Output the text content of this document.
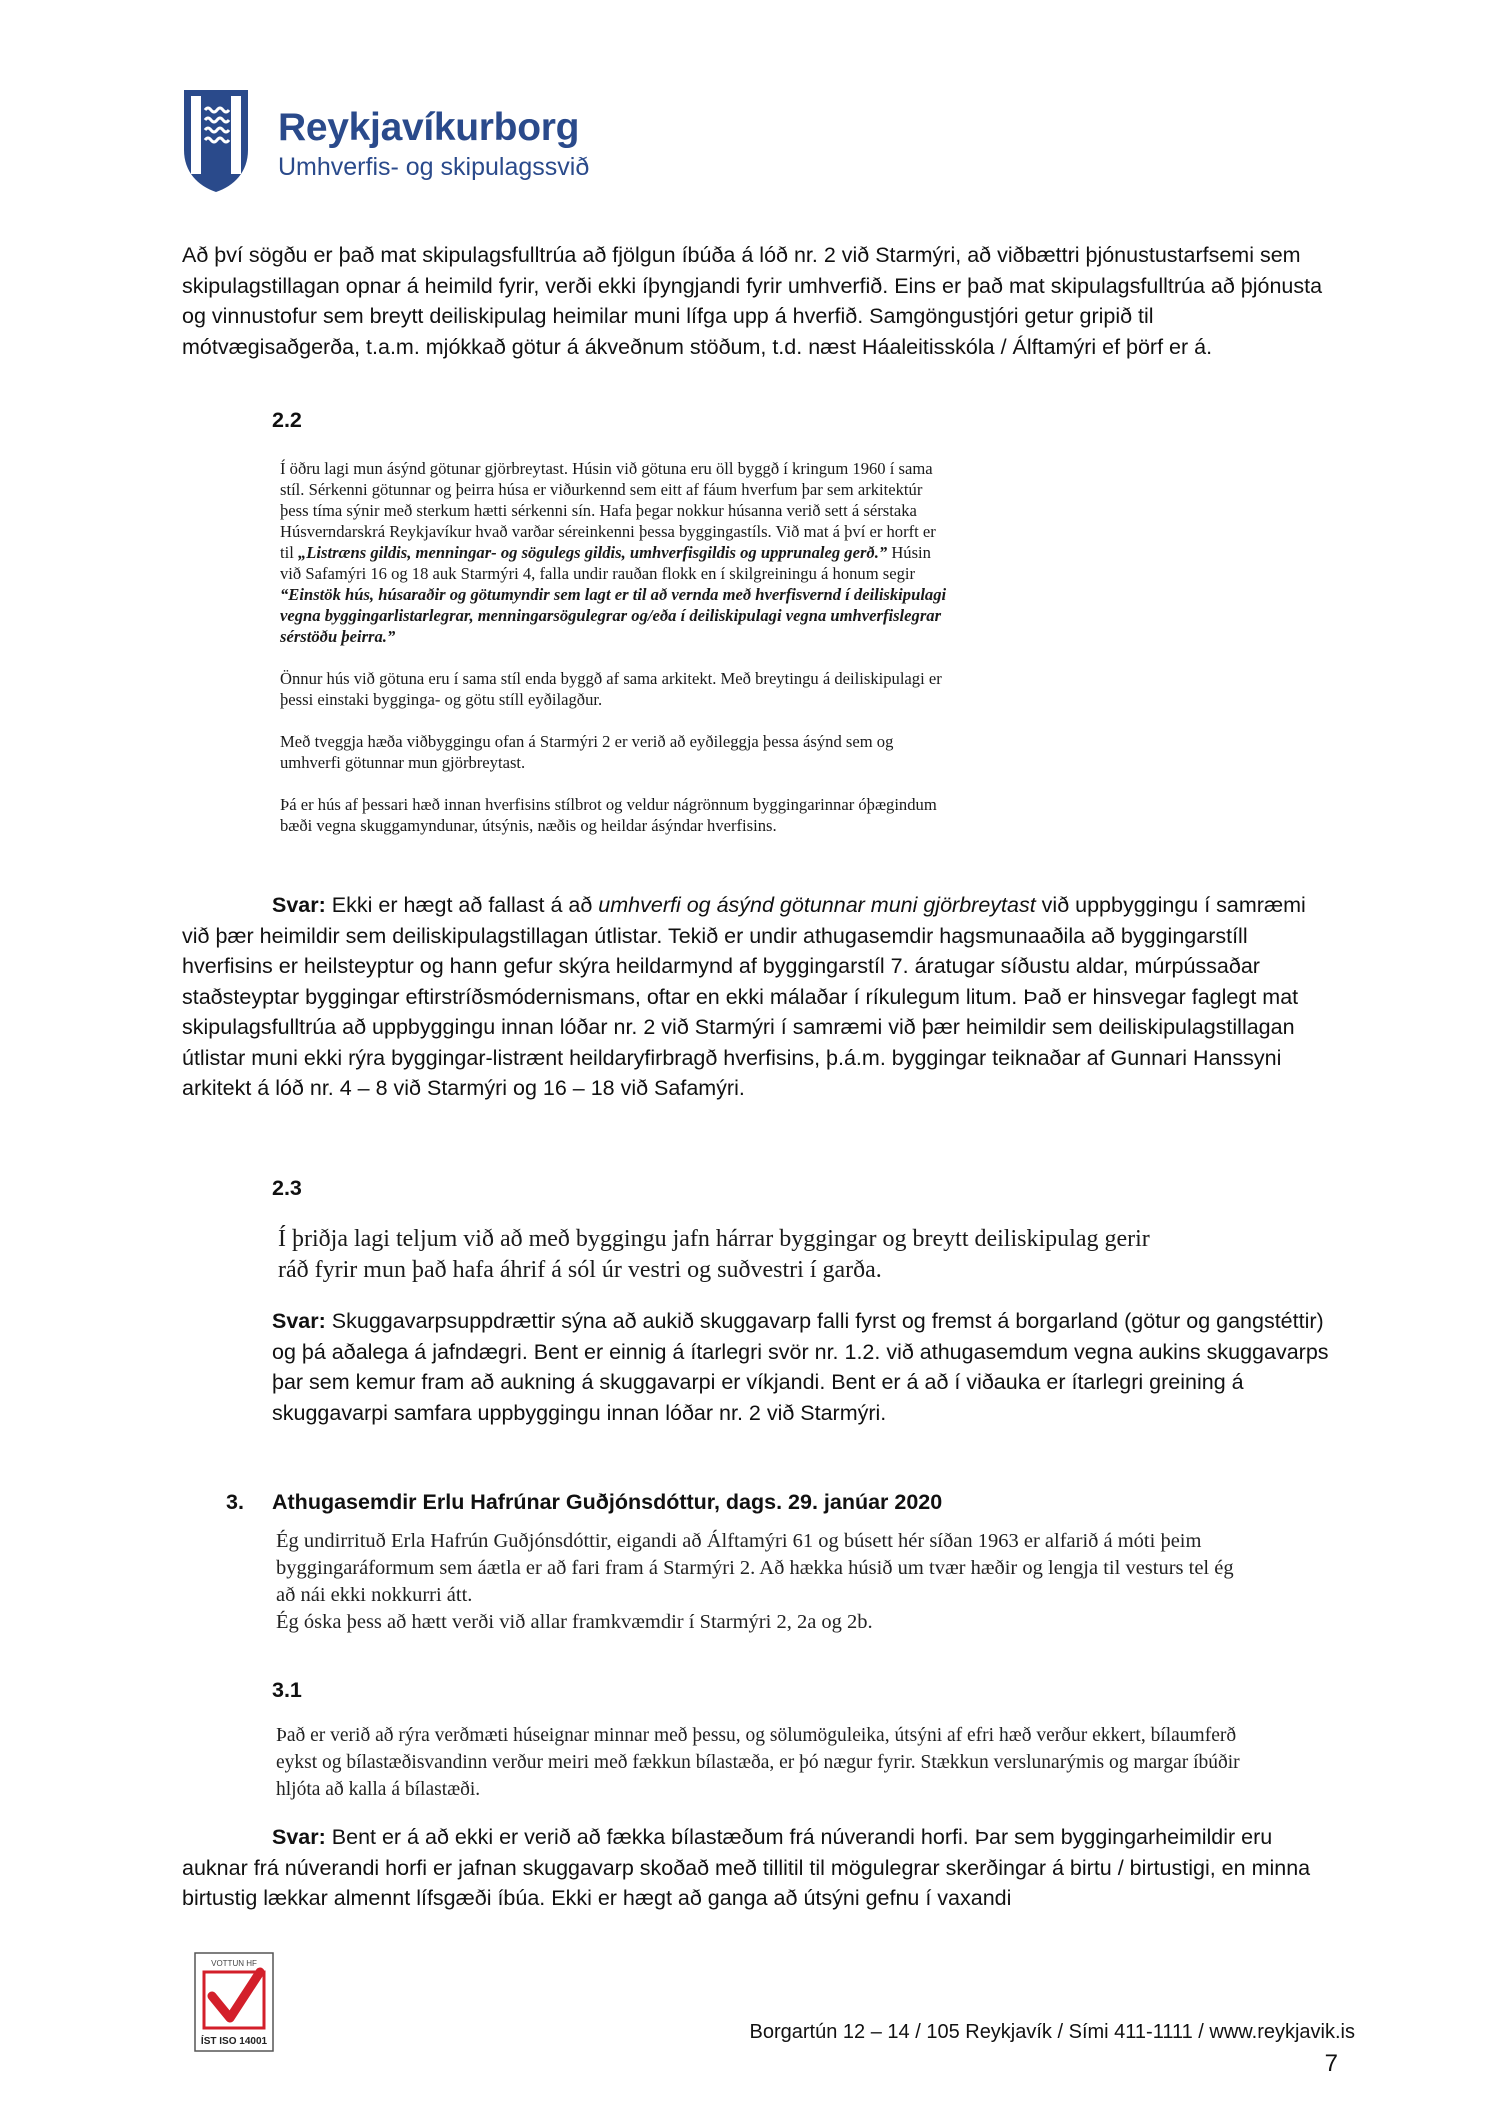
Reykjavíkurborg
Umhverfis- og skipulagssvið
Að því sögðu er það mat skipulagsfulltrúa að fjölgun íbúða á lóð nr. 2 við Starmýri, að viðbættri þjónustustarfsemi sem skipulagstillagan opnar á heimild fyrir, verði ekki íþyngjandi fyrir umhverfið. Eins er það mat skipulagsfulltrúa að þjónusta og vinnustofur sem breytt deiliskipulag heimilar muni lífga upp á hverfið. Samgöngustjóri getur gripið til mótvægisaðgerða, t.a.m. mjókkað götur á ákveðnum stöðum, t.d. næst Háaleitisskóla / Álftamýri ef þörf er á.
2.2

Í öðru lagi mun ásýnd götunar gjörbreytast. Húsin við götuna eru öll byggð í kringum 1960 í sama stíl. Sérkenni götunnar og þeirra húsa er viðurkennd sem eitt af fáum hverfum þar sem arkitektúr þess tíma sýnir með sterkum hætti sérkenni sín. Hafa þegar nokkur húsanna verið sett á sérstaka Húsverndarskrá Reykjavíkur hvað varðar séreinkenni þessa byggingastíls. Við mat á því er horft er til „Listræns gildis, menningar- og sögulegs gildis, umhverfisgildis og upprunaleg gerð.” Húsin við Safamýri 16 og 18 auk Starmýri 4, falla undir rauðan flokk en í skilgreiningu á honum segir “Einstök hús, húsaraðir og götumyndir sem lagt er til að vernda með hverfisvernd í deiliskipulagi vegna byggingarlistarlegrar, menningarsögulegrar og/eða í deiliskipulagi vegna umhverfislegrar sérstöðu þeirra.”

Önnur hús við götuna eru í sama stíl enda byggð af sama arkitekt. Með breytingu á deiliskipulagi er þessi einstaki bygginga- og götu stíll eyðilagður.

Með tveggja hæða viðbyggingu ofan á Starmýri 2 er verið að eyðileggja þessa ásýnd sem og umhverfi götunnar mun gjörbreytast.

Þá er hús af þessari hæð innan hverfisins stílbrot og veldur nágrönnum byggingarinnar óþægindum bæði vegna skuggamyndunar, útsýnis, næðis og heildar ásýndar hverfisins.

Svar: Ekki er hægt að fallast á að umhverfi og ásýnd götunnar muni gjörbreytast við uppbyggingu í samræmi við þær heimildir sem deiliskipulagstillagan útlistar. Tekið er undir athugasemdir hagsmunaaðila að byggingarstíll hverfisins er heilsteyptur og hann gefur skýra heildarmynd af byggingarstíl 7. áratugar síðustu aldar, múrpússaðar staðsteyptar byggingar eftirstríðsmódernismans, oftar en ekki málaðar í ríkulegum litum. Það er hinsvegar faglegt mat skipulagsfulltrúa að uppbyggingu innan lóðar nr. 2 við Starmýri í samræmi við þær heimildir sem deiliskipulagstillagan útlistar muni ekki rýra byggingar-listrænt heildaryfirbragð hverfisins, þ.á.m. byggingar teiknaðar af Gunnari Hanssyni arkitekt á lóð nr. 4 – 8 við Starmýri og 16 – 18 við Safamýri.
2.3
Í þriðja lagi teljum við að með byggingu jafn hárrar byggingar og breytt deiliskipulag gerir ráð fyrir mun það hafa áhrif á sól úr vestri og suðvestri í garða.
Svar: Skuggavarpsuppdrættir sýna að aukið skuggavarp falli fyrst og fremst á borgarland (götur og gangstéttir) og þá aðalega á jafndægri. Bent er einnig á ítarlegri svör nr. 1.2. við athugasemdum vegna aukins skuggavarps þar sem kemur fram að aukning á skuggavarpi er víkjandi. Bent er á að í viðauka er ítarlegri greining á skuggavarpi samfara uppbyggingu innan lóðar nr. 2 við Starmýri.
3. Athugasemdir Erlu Hafrúnar Guðjónsdóttur, dags. 29. janúar 2020

Ég undirrituð Erla Hafrún Guðjónsdóttir, eigandi að Álftamýri 61 og búsett hér síðan 1963 er alfarið á móti þeim byggingaráformum sem áætla er að fari fram á Starmýri 2. Að hækka húsið um tvær hæðir og lengja til vesturs tel ég að nái ekki nokkurri átt.

Ég óska þess að hætt verði við allar framkvæmdir í Starmýri 2, 2a og 2b.

3.1
Það er verið að rýra verðmæti húseignar minnar með þessu, og sölumöguleika, útsýni af efri hæð verður ekkert, bílaumferð eykst og bílastæðisvandinn verður meiri með fækkun bílastæða, er þó nægur fyrir. Stækkun verslunarýmis og margar íbúðir hljóta að kalla á bílastæði.
Svar: Bent er á að ekki er verið að fækka bílastæðum frá núverandi horfi. Þar sem byggingarheimildir eru auknar frá núverandi horfi er jafnan skuggavarp skoðað með tillitil til mögulegrar skerðingar á birtu / birtustigi, en minna birtustig lækkar almennt lífsgæði íbúa. Ekki er hægt að ganga að útsýni gefnu í vaxandi
VOTTUN HF
ÍST ISO 14001	Borgartún 12 – 14 / 105 Reykjavík / Sími 411-1111 / www.reykjavik.is
7
